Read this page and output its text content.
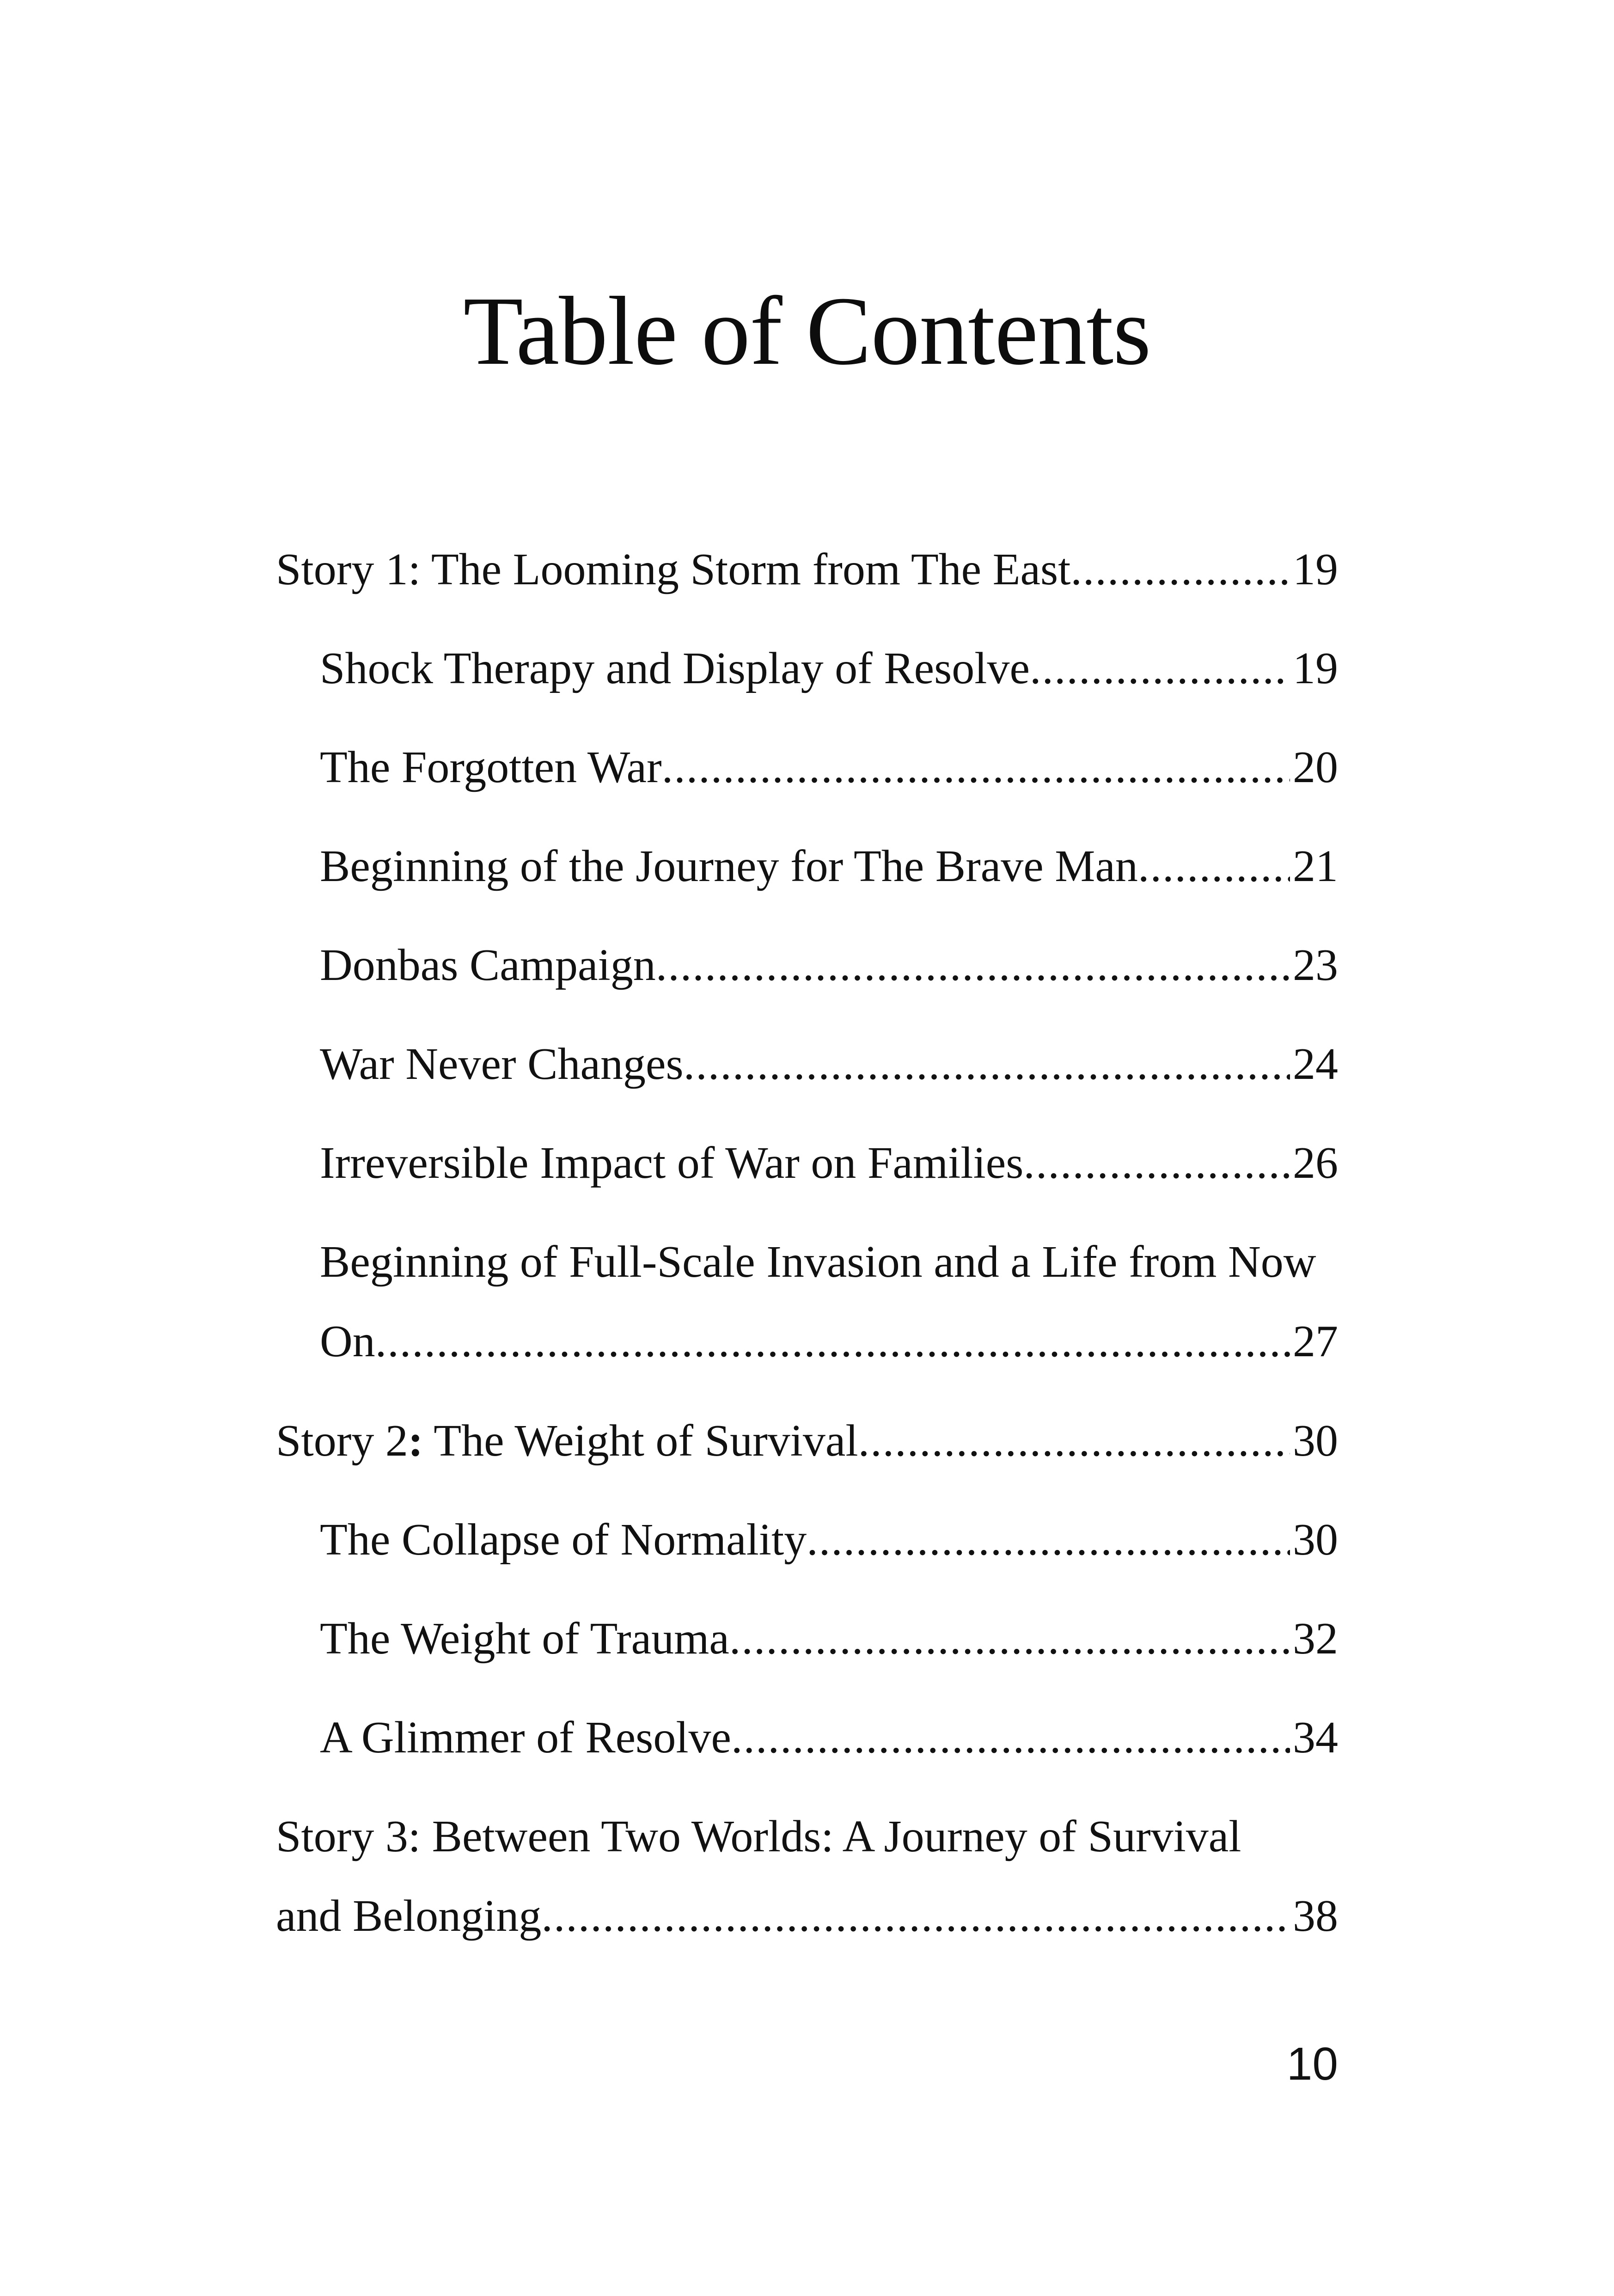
Table of Contents
Story 1: The Looming Storm from The East .....	19
Shock Therapy and Display of Resolve .....	19
The Forgotten War .....	20
Beginning of the Journey for The Brave Man .....	21
Donbas Campaign .....	23
War Never Changes .....	24
Irreversible Impact of War on Families .....	26
Beginning of Full-Scale Invasion and a Life from Now
On .....	27
Story 2: The Weight of Survival .....	30
The Collapse of Normality .....	30
The Weight of Trauma .....	32
A Glimmer of Resolve .....	34
Story 3: Between Two Worlds: A Journey of Survival
and Belonging .....	38
10
